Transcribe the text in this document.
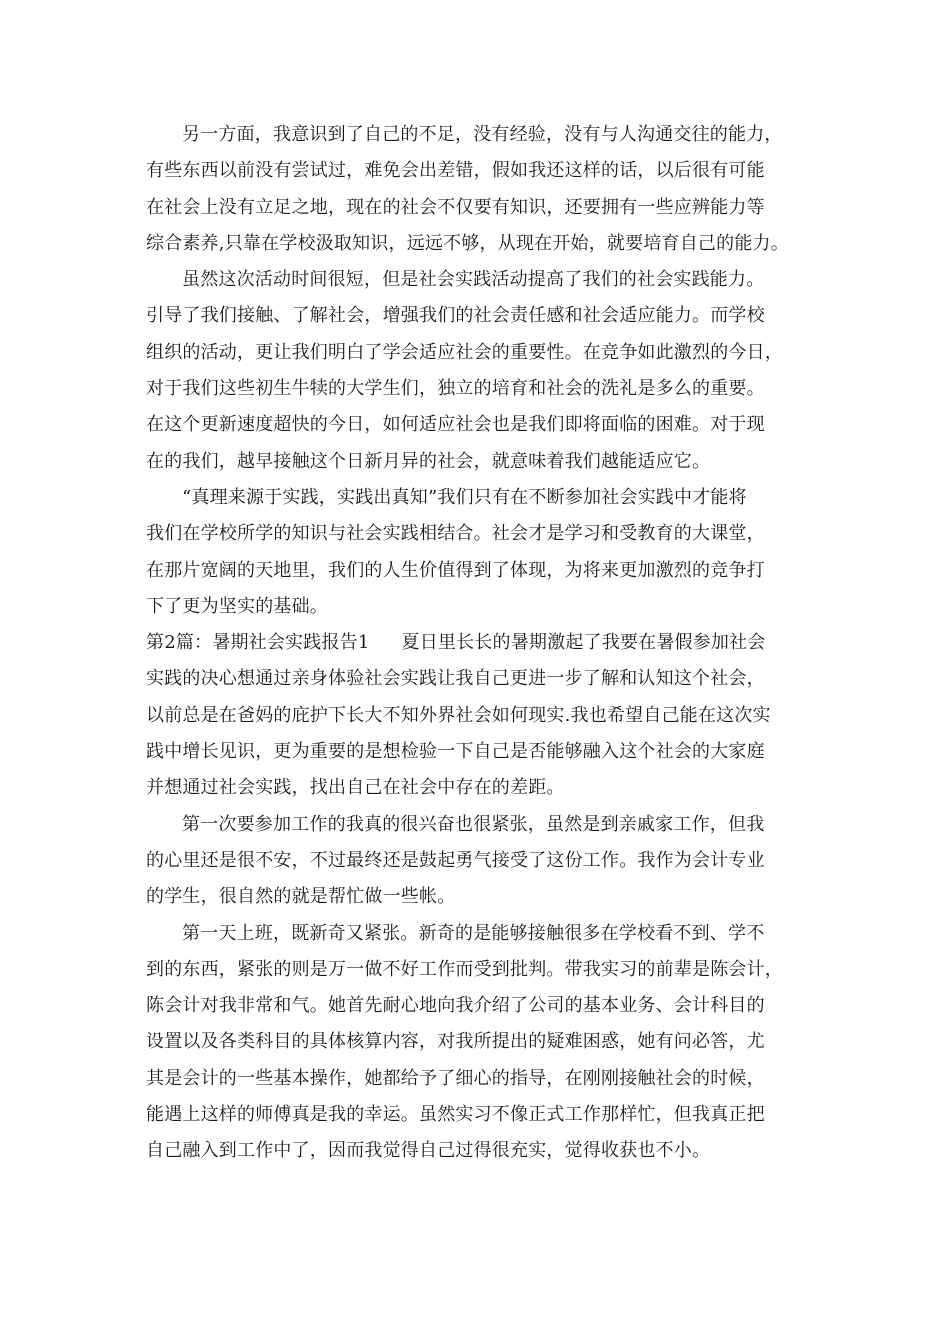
另一方面，我意识到了自己的不足，没有经验，没有与人沟通交往的能力，
有些东西以前没有尝试过，难免会出差错，假如我还这样的话，以后很有可能
在社会上没有立足之地，现在的社会不仅要有知识，还要拥有一些应辨能力等
综合素养,只靠在学校汲取知识，远远不够，从现在开始，就要培育自己的能力。
虽然这次活动时间很短，但是社会实践活动提高了我们的社会实践能力。
引导了我们接触、了解社会，增强我们的社会责任感和社会适应能力。而学校
组织的活动，更让我们明白了学会适应社会的重要性。在竞争如此激烈的今日，
对于我们这些初生牛犊的大学生们，独立的培育和社会的洗礼是多么的重要。
在这个更新速度超快的今日，如何适应社会也是我们即将面临的困难。对于现
在的我们，越早接触这个日新月异的社会，就意味着我们越能适应它。
“真理来源于实践，实践出真知”我们只有在不断参加社会实践中才能将
我们在学校所学的知识与社会实践相结合。社会才是学习和受教育的大课堂，
在那片宽阔的天地里，我们的人生价值得到了体现，为将来更加激烈的竞争打
下了更为坚实的基础。
第2篇：暑期社会实践报告1 夏日里长长的暑期激起了我要在暑假参加社会
实践的决心想通过亲身体验社会实践让我自己更进一步了解和认知这个社会，
以前总是在爸妈的庇护下长大不知外界社会如何现实.我也希望自己能在这次实
践中增长见识，更为重要的是想检验一下自己是否能够融入这个社会的大家庭
并想通过社会实践，找出自己在社会中存在的差距。
第一次要参加工作的我真的很兴奋也很紧张，虽然是到亲戚家工作，但我
的心里还是很不安，不过最终还是鼓起勇气接受了这份工作。我作为会计专业
的学生，很自然的就是帮忙做一些帐。
第一天上班，既新奇又紧张。新奇的是能够接触很多在学校看不到、学不
到的东西，紧张的则是万一做不好工作而受到批判。带我实习的前辈是陈会计，
陈会计对我非常和气。她首先耐心地向我介绍了公司的基本业务、会计科目的
设置以及各类科目的具体核算内容，对我所提出的疑难困惑，她有问必答，尤
其是会计的一些基本操作，她都给予了细心的指导，在刚刚接触社会的时候，
能遇上这样的师傅真是我的幸运。虽然实习不像正式工作那样忙，但我真正把
自己融入到工作中了，因而我觉得自己过得很充实，觉得收获也不小。
